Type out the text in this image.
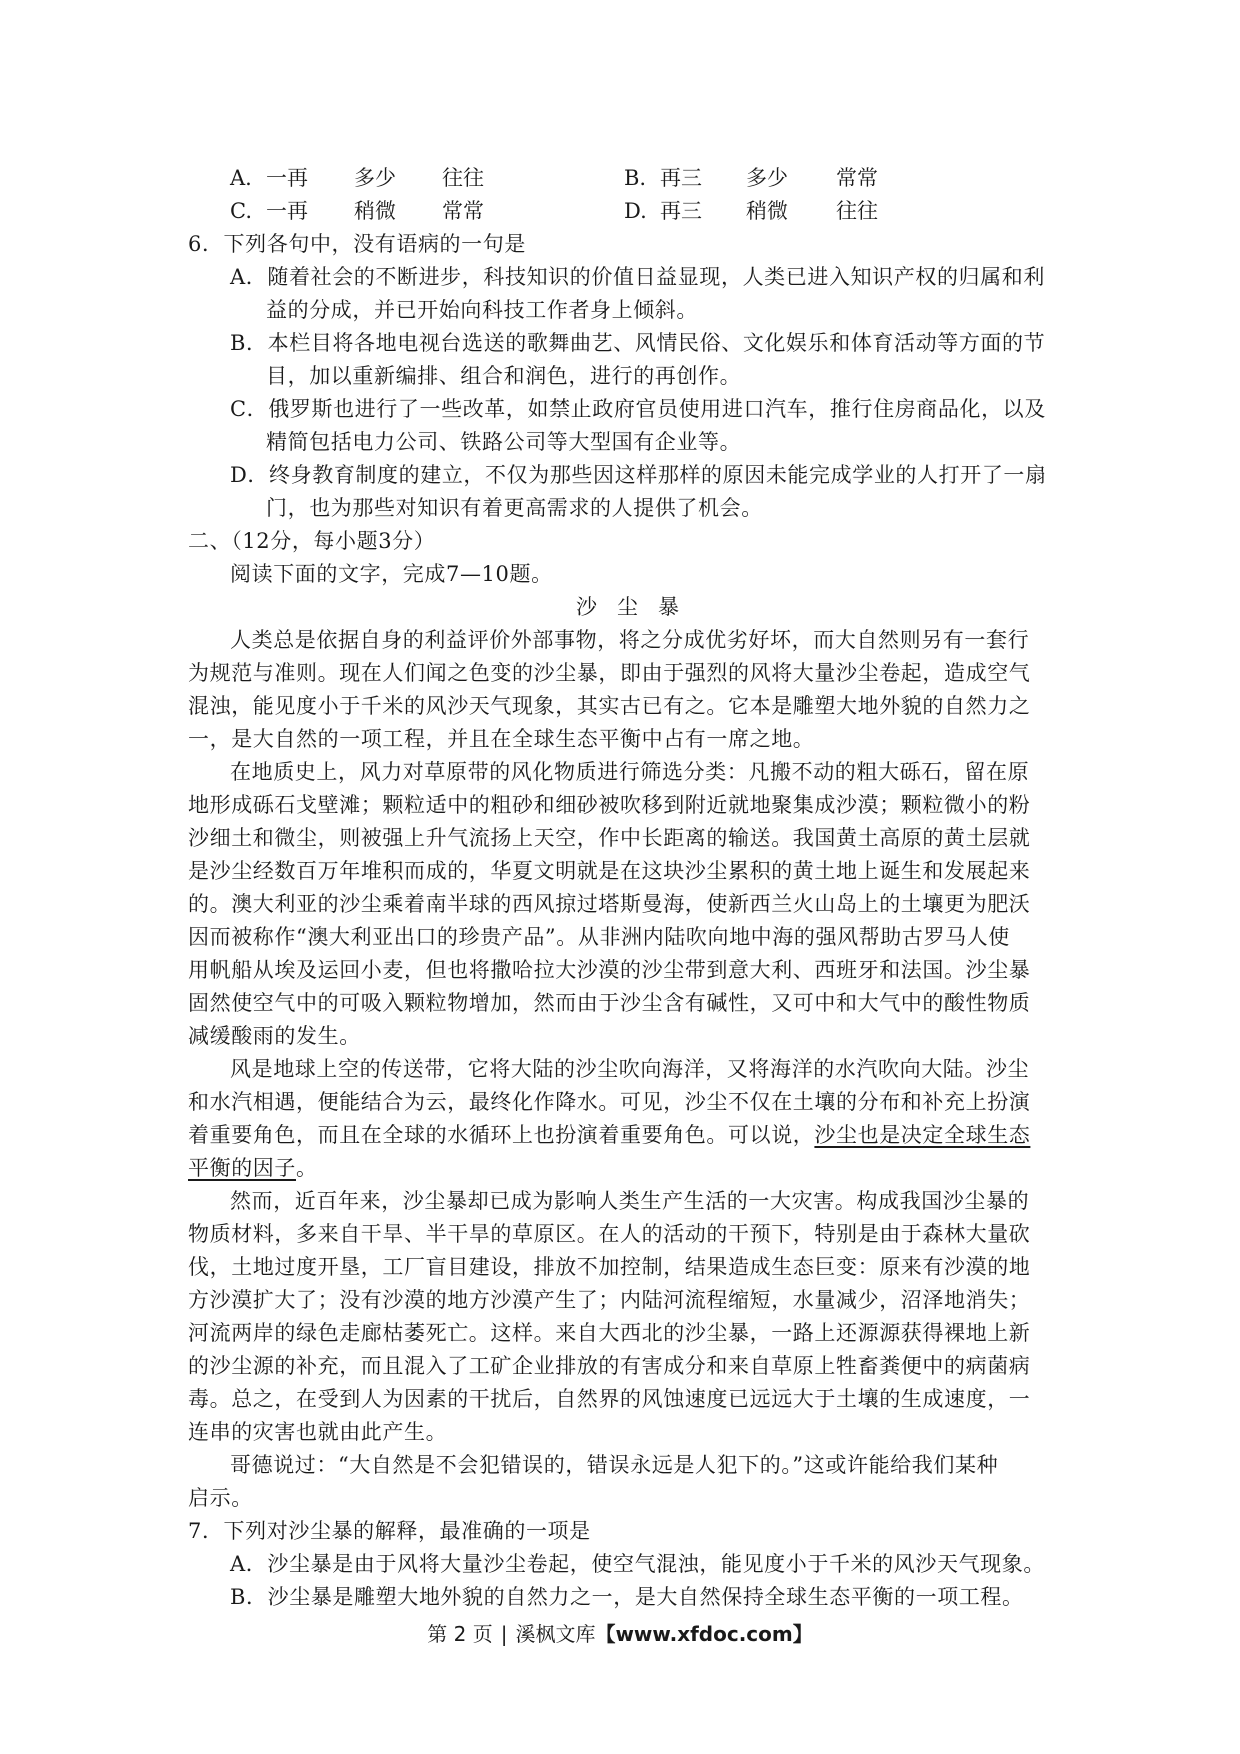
A. 一再 多少 往往	B. 再三 多少 常常
C. 一再 稍微 常常	D. 再三 稍微 往往
6．下列各句中，没有语病的一句是
A．随着社会的不断进步，科技知识的价值日益显现，人类已进入知识产权的归属和利
益的分成，并已开始向科技工作者身上倾斜。
B．本栏目将各地电视台选送的歌舞曲艺、风情民俗、文化娱乐和体育活动等方面的节
目，加以重新编排、组合和润色，进行的再创作。
C．俄罗斯也进行了一些改革，如禁止政府官员使用进口汽车，推行住房商品化，以及
精简包括电力公司、铁路公司等大型国有企业等。
D．终身教育制度的建立，不仅为那些因这样那样的原因未能完成学业的人打开了一扇
门，也为那些对知识有着更高需求的人提供了机会。
二、（12分，每小题3分）
阅读下面的文字，完成7—10题。
沙尘暴
人类总是依据自身的利益评价外部事物，将之分成优劣好坏，而大自然则另有一套行
为规范与准则。现在人们闻之色变的沙尘暴，即由于强烈的风将大量沙尘卷起，造成空气
混浊，能见度小于千米的风沙天气现象，其实古已有之。它本是雕塑大地外貌的自然力之
一，是大自然的一项工程，并且在全球生态平衡中占有一席之地。
在地质史上，风力对草原带的风化物质进行筛选分类：凡搬不动的粗大砾石，留在原
地形成砾石戈壁滩；颗粒适中的粗砂和细砂被吹移到附近就地聚集成沙漠；颗粒微小的粉
沙细土和微尘，则被强上升气流扬上天空，作中长距离的输送。我国黄土高原的黄土层就
是沙尘经数百万年堆积而成的，华夏文明就是在这块沙尘累积的黄土地上诞生和发展起来
的。澳大利亚的沙尘乘着南半球的西风掠过塔斯曼海，使新西兰火山岛上的土壤更为肥沃
因而被称作“澳大利亚出口的珍贵产品”。从非洲内陆吹向地中海的强风帮助古罗马人使
用帆船从埃及运回小麦，但也将撒哈拉大沙漠的沙尘带到意大利、西班牙和法国。沙尘暴
固然使空气中的可吸入颗粒物增加，然而由于沙尘含有碱性，又可中和大气中的酸性物质
减缓酸雨的发生。
风是地球上空的传送带，它将大陆的沙尘吹向海洋，又将海洋的水汽吹向大陆。沙尘
和水汽相遇，便能结合为云，最终化作降水。可见，沙尘不仅在土壤的分布和补充上扮演
着重要角色，而且在全球的水循环上也扮演着重要角色。可以说，沙尘也是决定全球生态
平衡的因子。
然而，近百年来，沙尘暴却已成为影响人类生产生活的一大灾害。构成我国沙尘暴的
物质材料，多来自干旱、半干旱的草原区。在人的活动的干预下，特别是由于森林大量砍
伐，土地过度开垦，工厂盲目建设，排放不加控制，结果造成生态巨变：原来有沙漠的地
方沙漠扩大了；没有沙漠的地方沙漠产生了；内陆河流程缩短，水量减少，沼泽地消失；
河流两岸的绿色走廊枯萎死亡。这样。来自大西北的沙尘暴，一路上还源源获得裸地上新
的沙尘源的补充，而且混入了工矿企业排放的有害成分和来自草原上牲畜粪便中的病菌病
毒。总之，在受到人为因素的干扰后，自然界的风蚀速度已远远大于土壤的生成速度，一
连串的灾害也就由此产生。
哥德说过：“大自然是不会犯错误的，错误永远是人犯下的。”这或许能给我们某种
启示。
7．下列对沙尘暴的解释，最准确的一项是
A．沙尘暴是由于风将大量沙尘卷起，使空气混浊，能见度小于千米的风沙天气现象。
B．沙尘暴是雕塑大地外貌的自然力之一，是大自然保持全球生态平衡的一项工程。
第 2 页 | 溪枫文库【www.xfdoc.com】
